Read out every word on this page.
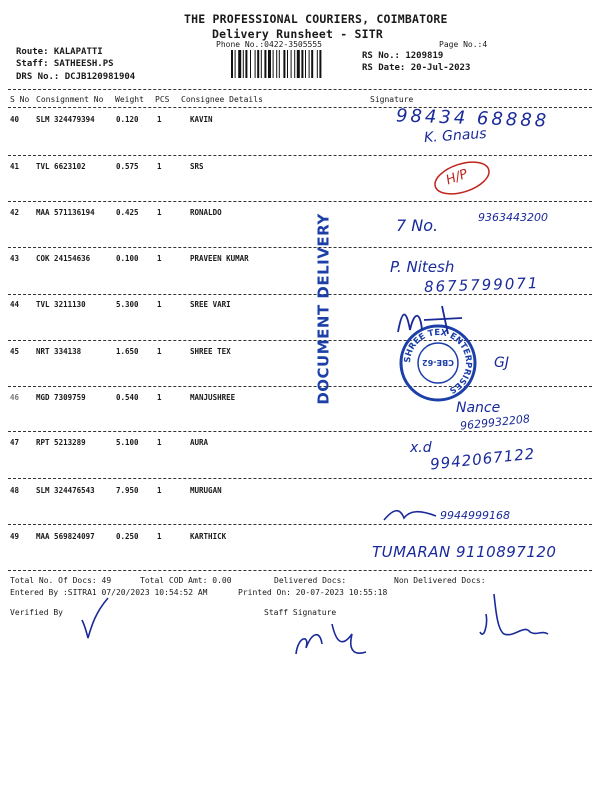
THE PROFESSIONAL COURIERS, COIMBATORE
Delivery Runsheet - SITR
Phone No.:0422-3505555	Page No.:4
Route: KALAPATTI
Staff: SATHEESH.PS
DRS No.: DCJB120981904
RS No.: 1209819
RS Date: 20-Jul-2023
S No Consignment No Weight PCS Consignee Details	Signature
40 SLM 324479394	0.120 1	KAVIN
41 TVL 6623102	0.575 1	SRS
42 MAA 571136194	0.425 1	RONALDO
43 COK 24154636	0.100 1	PRAVEEN KUMAR
44 TVL 3211130	5.300 1	SREE VARI
45 NRT 334138	1.650 1	SHREE TEX
46 MGD 7309759	0.540 1	MANJUSHREE
47 RPT 5213289	5.100 1	AURA
48 SLM 324476543	7.950 1	MURUGAN
49 MAA 569824097	0.250 1	KARTHICK
DOCUMENT DELIVERY	SHREE TEX ENTERPRISES
CBE-62
98434 68888
K. Gnaus
H/P
7 No.	9363443200
P. Nitesh
8675799071
GJ
Nance
9629932208
x.d
9942067122
9944999168
TUMARAN 9110897120
Total No. Of Docs: 49	Total COD Amt: 0.00	Delivered Docs:	Non Delivered Docs:
Entered By :SITRA1 07/20/2023 10:54:52 AM	Printed On: 20-07-2023 10:55:18
Verified By	Staff Signature
